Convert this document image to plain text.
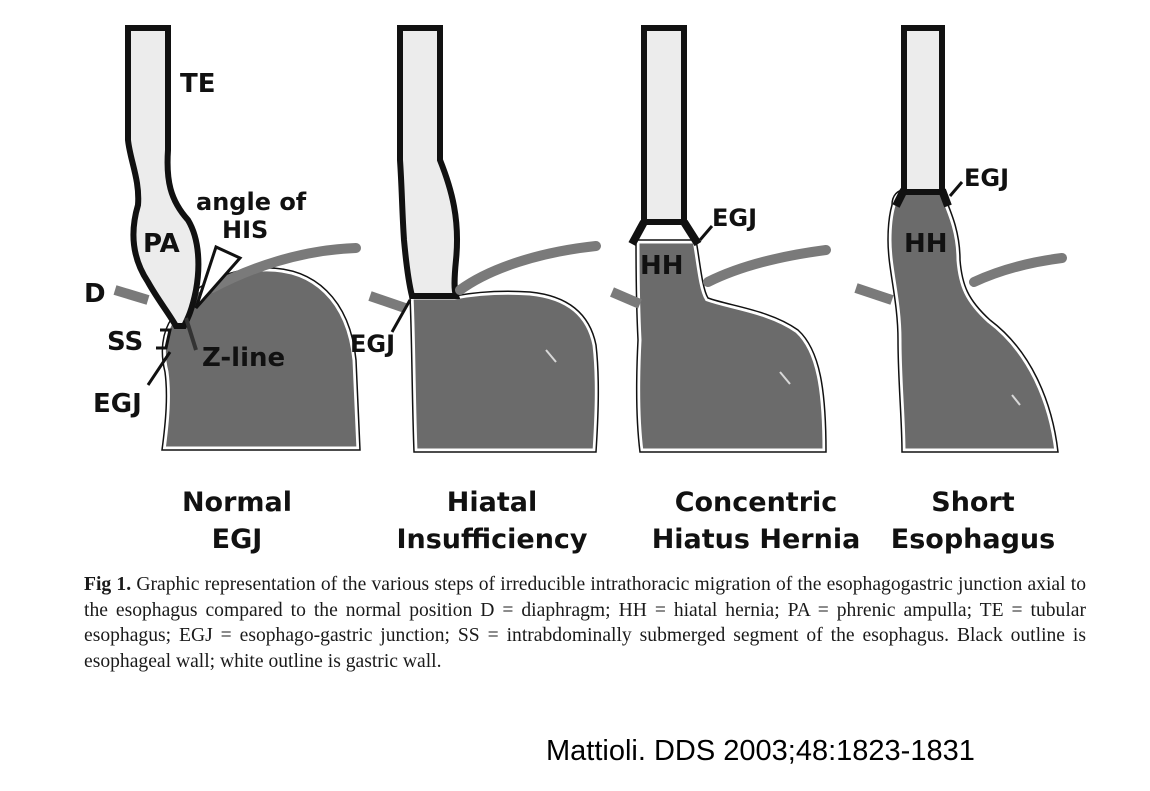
TE
angle of
HIS
PA
D
SS
Z-line
EGJ
EGJ
EGJ
HH
EGJ
HH
Normal
EGJ
Hiatal
Insufficiency
Concentric
Hiatus Hernia
Short
Esophagus
Fig 1. Graphic representation of the various steps of irreducible intrathoracic migration of the esophagogastric junction axial to the esophagus compared to the normal position D = diaphragm; HH = hiatal hernia; PA = phrenic ampulla; TE = tubular esophagus; EGJ = esophago-gastric junction; SS = intrabdominally submerged segment of the esophagus. Black outline is esophageal wall; white outline is gastric wall.
Mattioli. DDS 2003;48:1823-1831
